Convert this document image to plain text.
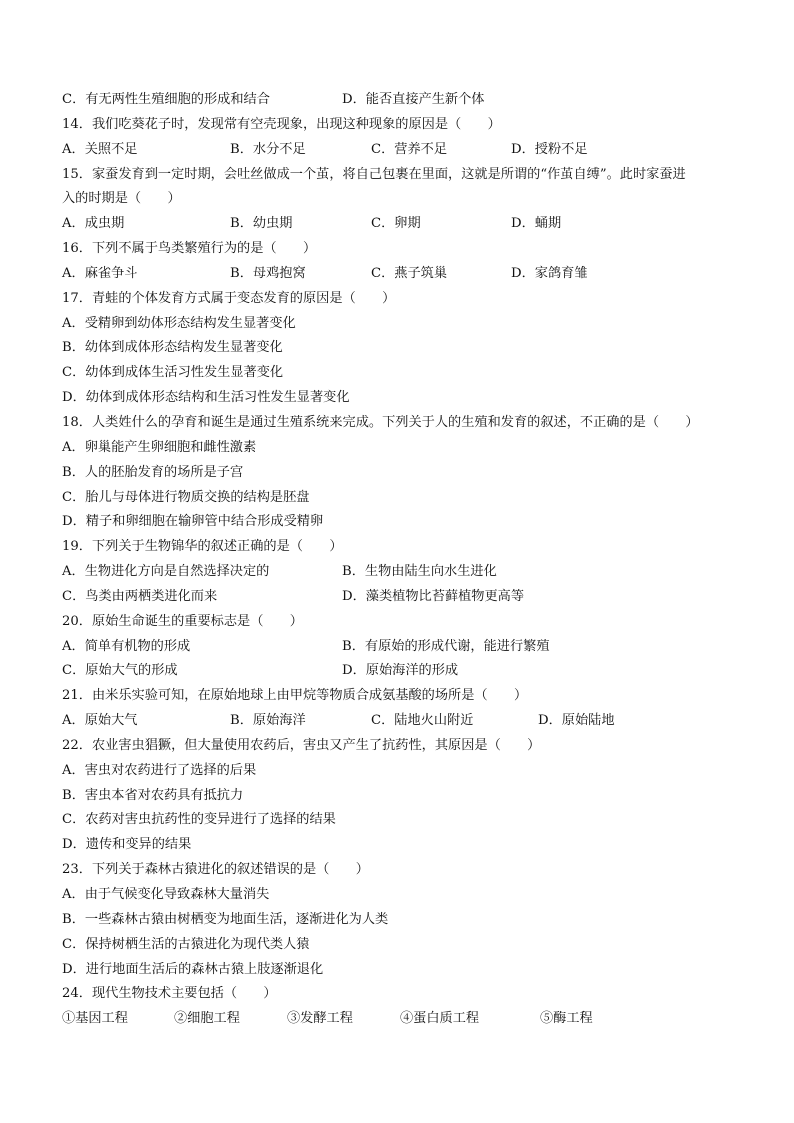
C．有无两性生殖细胞的形成和结合	D．能否直接产生新个体
14．我们吃葵花子时，发现常有空壳现象，出现这种现象的原因是（　　）
A．关照不足	B．水分不足	C．营养不足	D．授粉不足
15．家蚕发育到一定时期，会吐丝做成一个茧，将自己包裹在里面，这就是所谓的“作茧自缚”。此时家蚕进
入的时期是（　　）
A．成虫期	B．幼虫期	C．卵期	D．蛹期
16．下列不属于鸟类繁殖行为的是（　　）
A．麻雀争斗	B．母鸡抱窝	C．燕子筑巢	D．家鸽育雏
17．青蛙的个体发育方式属于变态发育的原因是（　　）
A．受精卵到幼体形态结构发生显著变化
B．幼体到成体形态结构发生显著变化
C．幼体到成体生活习性发生显著变化
D．幼体到成体形态结构和生活习性发生显著变化
18．人类姓什么的孕育和诞生是通过生殖系统来完成。下列关于人的生殖和发育的叙述，不正确的是（　　）
A．卵巢能产生卵细胞和雌性激素
B．人的胚胎发育的场所是子宫
C．胎儿与母体进行物质交换的结构是胚盘
D．精子和卵细胞在输卵管中结合形成受精卵
19．下列关于生物锦华的叙述正确的是（　　）
A．生物进化方向是自然选择决定的	B．生物由陆生向水生进化
C．鸟类由两栖类进化而来	D．藻类植物比苔藓植物更高等
20．原始生命诞生的重要标志是（　　）
A．简单有机物的形成	B．有原始的形成代谢，能进行繁殖
C．原始大气的形成	D．原始海洋的形成
21．由米乐实验可知，在原始地球上由甲烷等物质合成氨基酸的场所是（　　）
A．原始大气	B．原始海洋	C．陆地火山附近	D．原始陆地
22．农业害虫猖獗，但大量使用农药后，害虫又产生了抗药性，其原因是（　　）
A．害虫对农药进行了选择的后果
B．害虫本省对农药具有抵抗力
C．农药对害虫抗药性的变异进行了选择的结果
D．遗传和变异的结果
23．下列关于森林古猿进化的叙述错误的是（　　）
A．由于气候变化导致森林大量消失
B．一些森林古猿由树栖变为地面生活，逐渐进化为人类
C．保持树栖生活的古猿进化为现代类人猿
D．进行地面生活后的森林古猿上肢逐渐退化
24．现代生物技术主要包括（　　）
①基因工程	②细胞工程	③发酵工程	④蛋白质工程	⑤酶工程
